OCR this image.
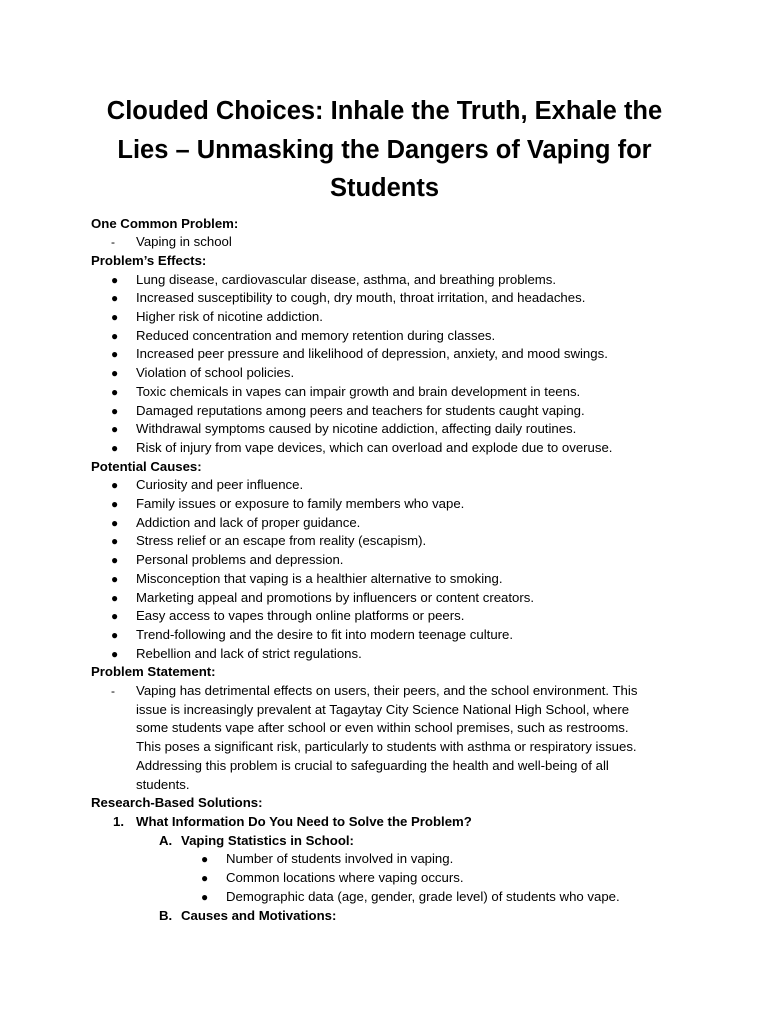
Clouded Choices: Inhale the Truth, Exhale the Lies – Unmasking the Dangers of Vaping for Students
One Common Problem:
- Vaping in school
Problem’s Effects:
● Lung disease, cardiovascular disease, asthma, and breathing problems.
● Increased susceptibility to cough, dry mouth, throat irritation, and headaches.
● Higher risk of nicotine addiction.
● Reduced concentration and memory retention during classes.
● Increased peer pressure and likelihood of depression, anxiety, and mood swings.
● Violation of school policies.
● Toxic chemicals in vapes can impair growth and brain development in teens.
● Damaged reputations among peers and teachers for students caught vaping.
● Withdrawal symptoms caused by nicotine addiction, affecting daily routines.
● Risk of injury from vape devices, which can overload and explode due to overuse.
Potential Causes:
● Curiosity and peer influence.
● Family issues or exposure to family members who vape.
● Addiction and lack of proper guidance.
● Stress relief or an escape from reality (escapism).
● Personal problems and depression.
● Misconception that vaping is a healthier alternative to smoking.
● Marketing appeal and promotions by influencers or content creators.
● Easy access to vapes through online platforms or peers.
● Trend-following and the desire to fit into modern teenage culture.
● Rebellion and lack of strict regulations.
Problem Statement:
- Vaping has detrimental effects on users, their peers, and the school environment. This
issue is increasingly prevalent at Tagaytay City Science National High School, where
some students vape after school or even within school premises, such as restrooms.
This poses a significant risk, particularly to students with asthma or respiratory issues.
Addressing this problem is crucial to safeguarding the health and well-being of all
students.
Research-Based Solutions:
1. What Information Do You Need to Solve the Problem?
A. Vaping Statistics in School:
● Number of students involved in vaping.
● Common locations where vaping occurs.
● Demographic data (age, gender, grade level) of students who vape.
B. Causes and Motivations:
